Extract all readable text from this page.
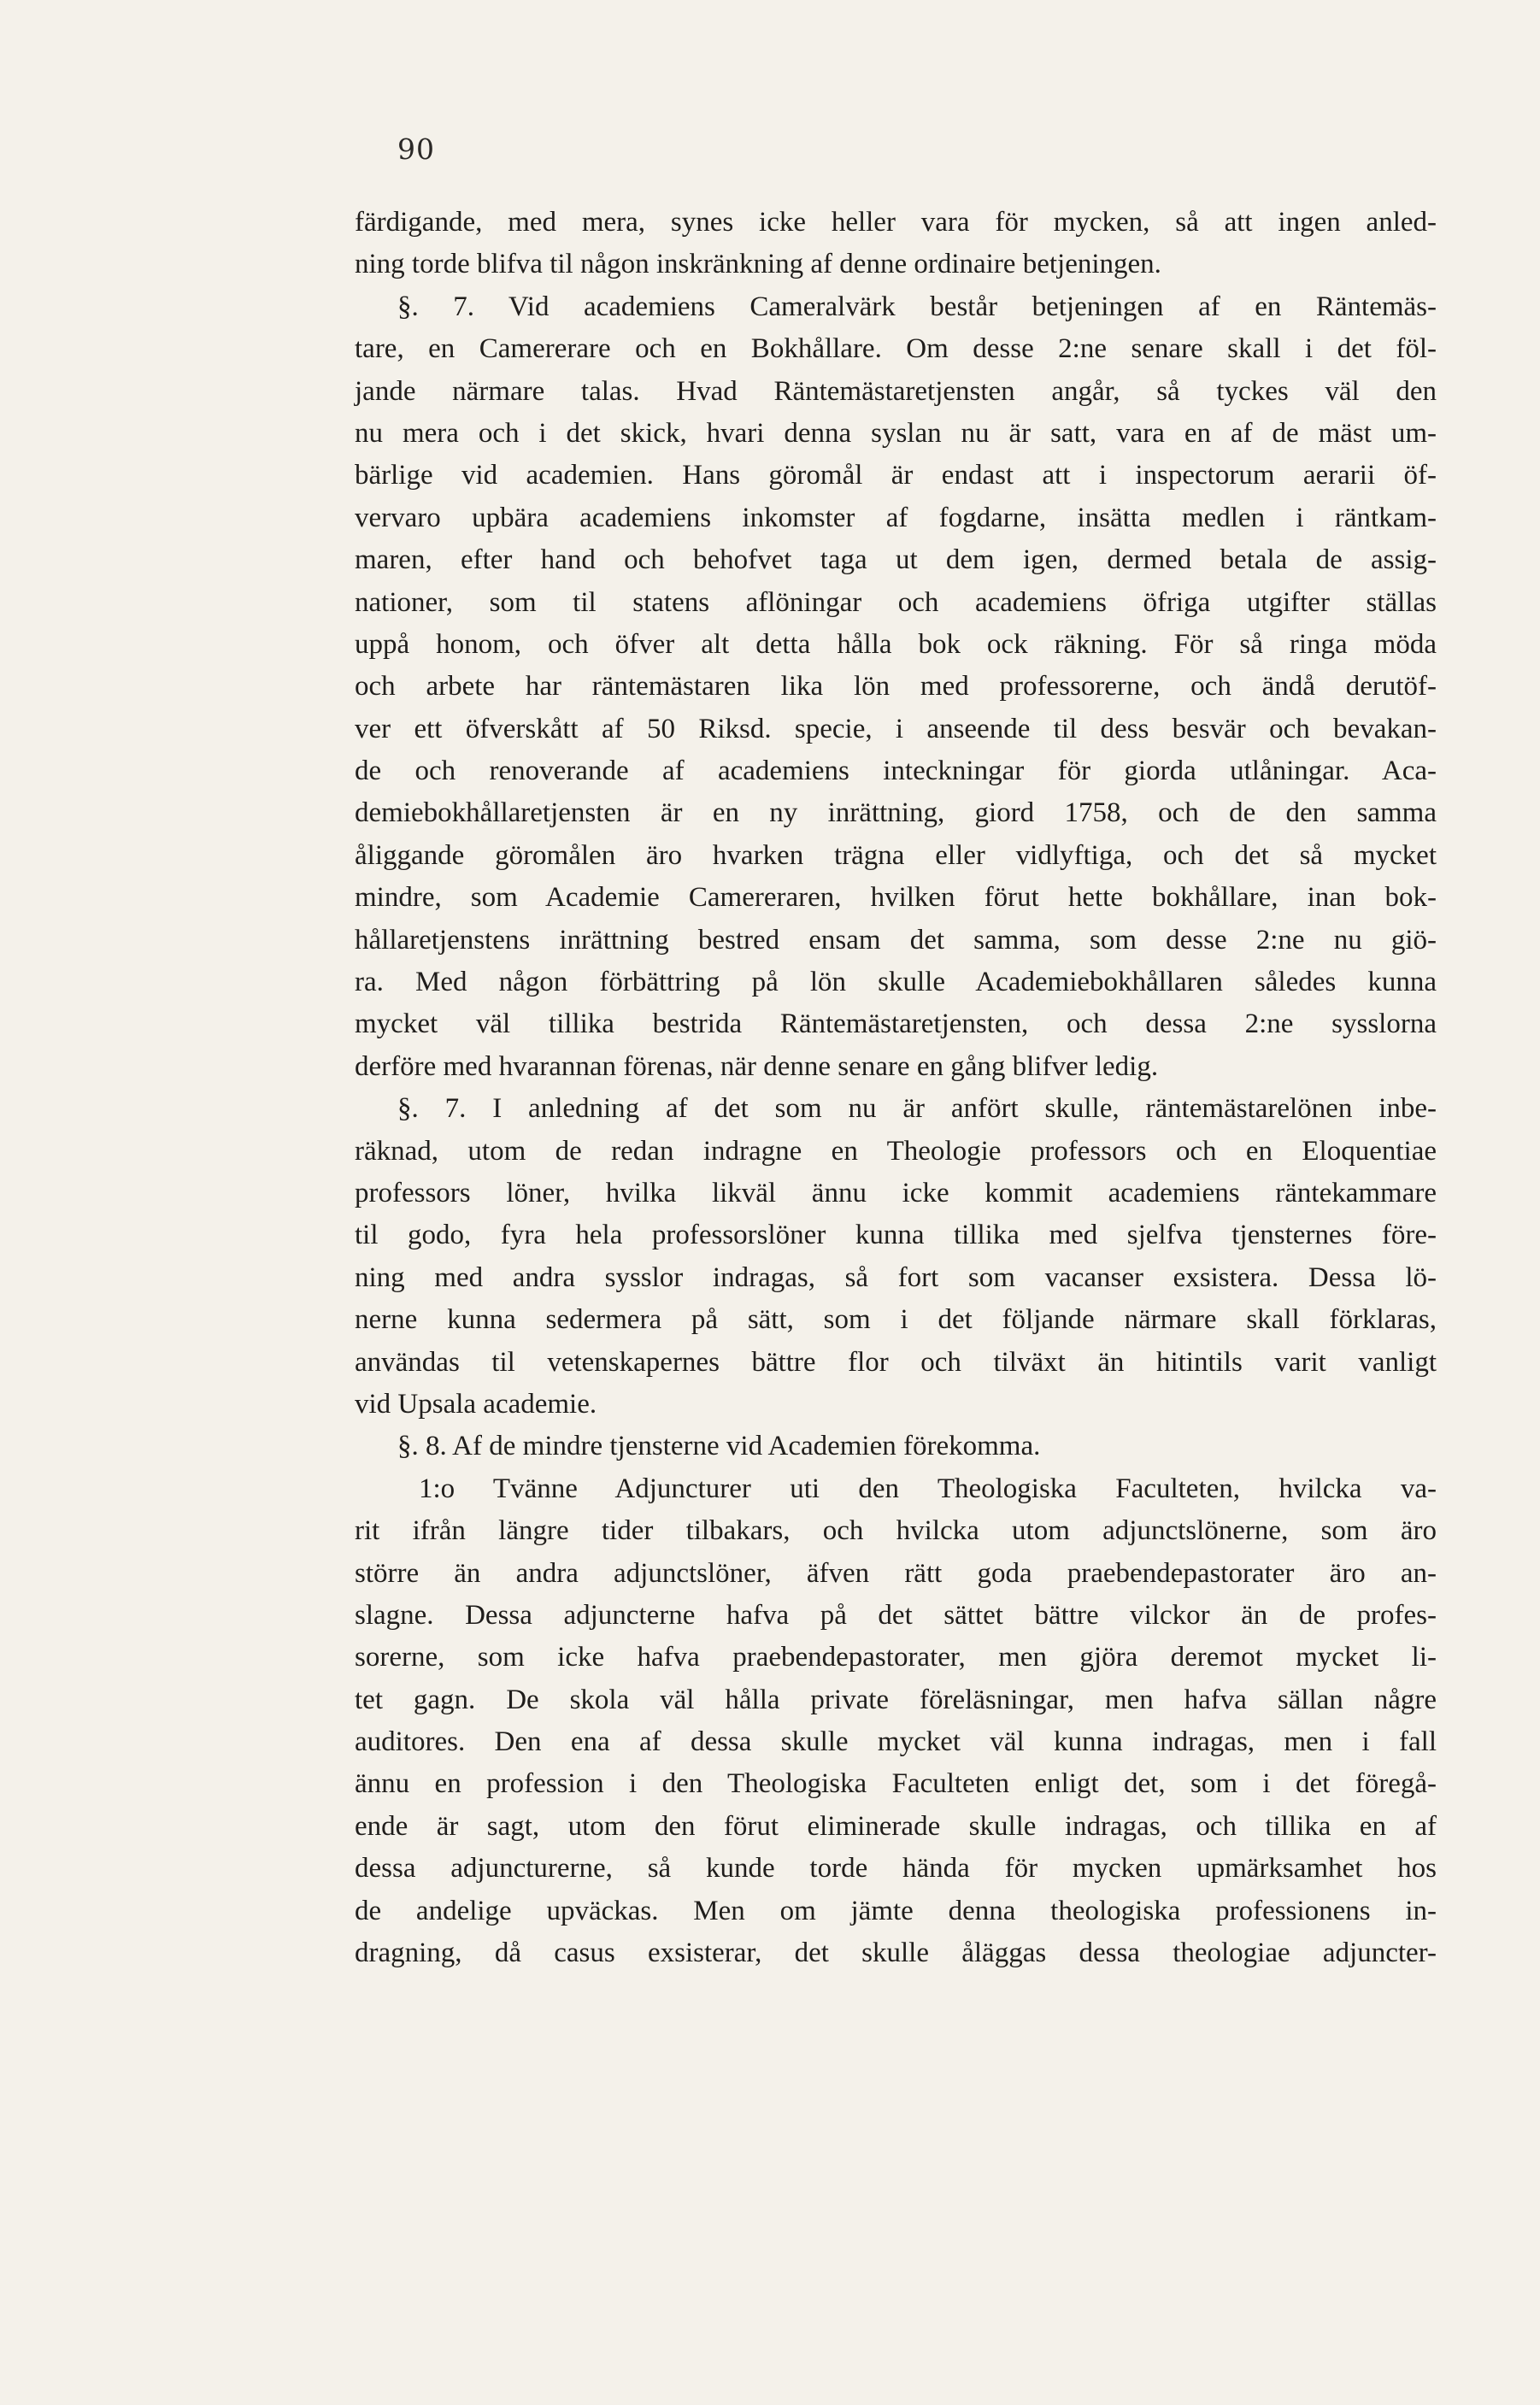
90
färdigande, med mera, synes icke heller vara för mycken, så att ingen anled-
ning torde blifva til någon inskränkning af denne ordinaire betjeningen.
§. 7. Vid academiens Cameralvärk består betjeningen af en Räntemäs-
tare, en Camererare och en Bokhållare. Om desse 2:ne senare skall i det föl-
jande närmare talas. Hvad Räntemästaretjensten angår, så tyckes väl den
nu mera och i det skick, hvari denna syslan nu är satt, vara en af de mäst um-
bärlige vid academien. Hans göromål är endast att i inspectorum aerarii öf-
vervaro upbära academiens inkomster af fogdarne, insätta medlen i räntkam-
maren, efter hand och behofvet taga ut dem igen, dermed betala de assig-
nationer, som til statens aflöningar och academiens öfriga utgifter ställas
uppå honom, och öfver alt detta hålla bok ock räkning. För så ringa möda
och arbete har räntemästaren lika lön med professorerne, och ändå derutöf-
ver ett öfverskått af 50 Riksd. specie, i anseende til dess besvär och bevakan-
de och renoverande af academiens inteckningar för giorda utlåningar. Aca-
demiebokhållaretjensten är en ny inrättning, giord 1758, och de den samma
åliggande göromålen äro hvarken trägna eller vidlyftiga, och det så mycket
mindre, som Academie Camereraren, hvilken förut hette bokhållare, inan bok-
hållaretjenstens inrättning bestred ensam det samma, som desse 2:ne nu giö-
ra. Med någon förbättring på lön skulle Academiebokhållaren således kunna
mycket väl tillika bestrida Räntemästaretjensten, och dessa 2:ne sysslorna
derföre med hvarannan förenas, när denne senare en gång blifver ledig.
§. 7. I anledning af det som nu är anfört skulle, räntemästarelönen inbe-
räknad, utom de redan indragne en Theologie professors och en Eloquentiae
professors löner, hvilka likväl ännu icke kommit academiens räntekammare
til godo, fyra hela professorslöner kunna tillika med sjelfva tjensternes före-
ning med andra sysslor indragas, så fort som vacanser exsistera. Dessa lö-
nerne kunna sedermera på sätt, som i det följande närmare skall förklaras,
användas til vetenskapernes bättre flor och tilväxt än hitintils varit vanligt
vid Upsala academie.
§. 8. Af de mindre tjensterne vid Academien förekomma.
1:o Tvänne Adjuncturer uti den Theologiska Faculteten, hvilcka va-
rit ifrån längre tider tilbakars, och hvilcka utom adjunctslönerne, som äro
större än andra adjunctslöner, äfven rätt goda praebendepastorater äro an-
slagne. Dessa adjuncterne hafva på det sättet bättre vilckor än de profes-
sorerne, som icke hafva praebendepastorater, men gjöra deremot mycket li-
tet gagn. De skola väl hålla private föreläsningar, men hafva sällan någre
auditores. Den ena af dessa skulle mycket väl kunna indragas, men i fall
ännu en profession i den Theologiska Faculteten enligt det, som i det föregå-
ende är sagt, utom den förut eliminerade skulle indragas, och tillika en af
dessa adjuncturerne, så kunde torde hända för mycken upmärksamhet hos
de andelige upväckas. Men om jämte denna theologiska professionens in-
dragning, då casus exsisterar, det skulle åläggas dessa theologiae adjuncter-
